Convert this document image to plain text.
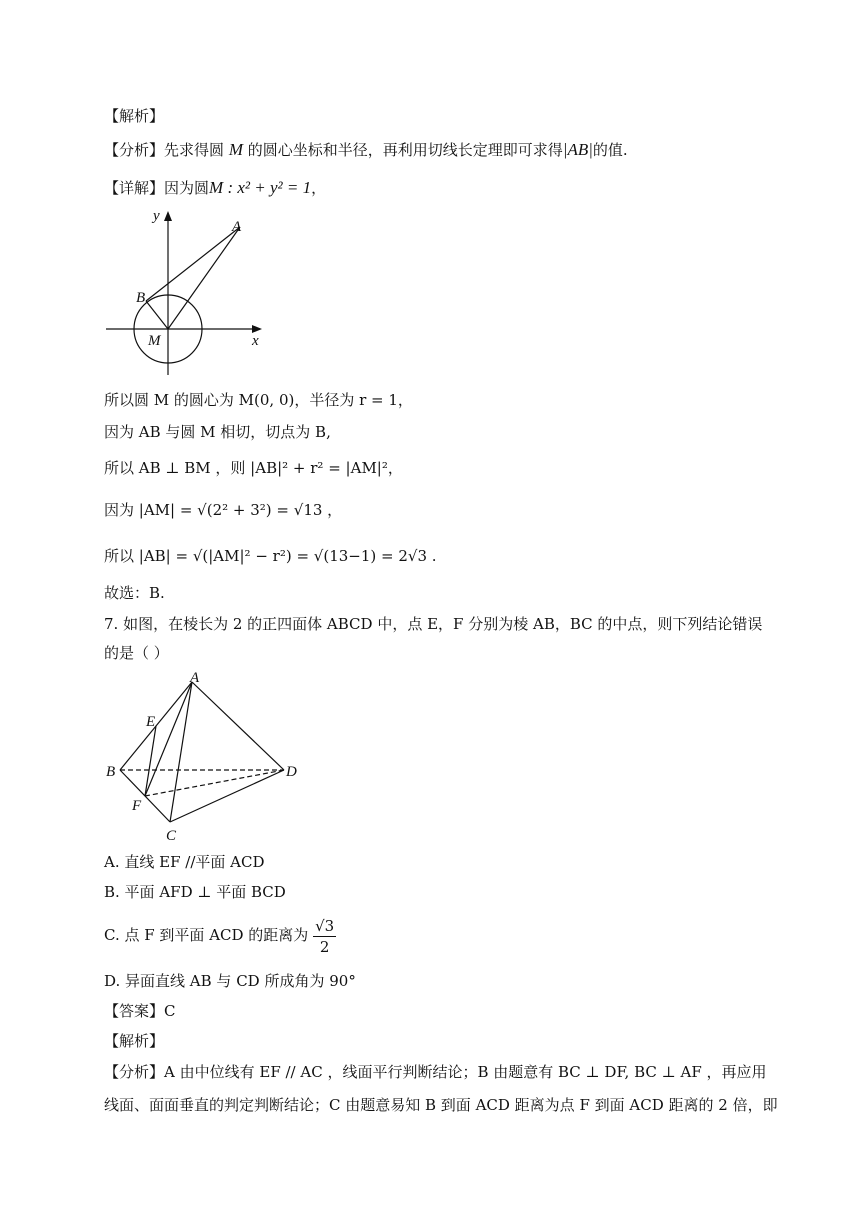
【解析】
【分析】先求得圆 M 的圆心坐标和半径，再利用切线长定理即可求得|AB|的值.
【详解】因为圆M : x² + y² = 1，
y
x
A
B
M
所以圆 M 的圆心为 M(0, 0)，半径为 r = 1，
因为 AB 与圆 M 相切，切点为 B,
所以 AB ⊥ BM ，则 |AB|² + r² = |AM|²，
因为 |AM| = √(2² + 3²) = √13 ，
所以 |AB| = √(|AM|² − r²) = √(13−1) = 2√3 .
故选：B.
7. 如图，在棱长为 2 的正四面体 ABCD 中，点 E，F 分别为棱 AB，BC 的中点，则下列结论错误
的是（ ）
A
B
C
D
E
F
A. 直线 EF //平面 ACD
B. 平面 AFD ⊥ 平面 BCD
C. 点 F 到平面 ACD 的距离为 $\frac{√3}{2}$
D. 异面直线 AB 与 CD 所成角为 90°
【答案】C
【解析】
【分析】A 由中位线有 EF // AC ，线面平行判断结论；B 由题意有 BC ⊥ DF, BC ⊥ AF ，再应用
线面、面面垂直的判定判断结论；C 由题意易知 B 到面 ACD 距离为点 F 到面 ACD 距离的 2 倍，即
